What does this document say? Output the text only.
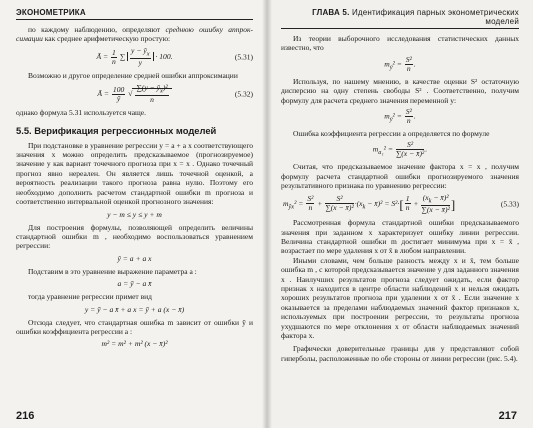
ЭКОНОМЕТРИКА

по каждому наблюдению, определяют среднюю ошибку аппрок- симации как среднее арифметическую простую:

Ā = $\frac{1}{n}$ ∑ $\frac{y - ŷ_x}{y} \cdot 100$.	(5.31)

Возможно и другое определение средней ошибки аппроксимации

Ā = $\frac{100}{ȳ}$ √ $\frac{\sum(y - ŷ_x)^2}{n}$	(5.32)

однако формула 5.31 используется чаще.

5.5. Верификация регрессионных моделей

При подстановке в уравнение регрессии y = a + a x соответствующего значения x можно определить предсказываемое (прогнозируемое) значение y как вариант точечного прогноза при x = x . Однако точечный прогноз явно нереален. Он является лишь точечной оценкой, а вероятность реализации такого прогноза равна нулю. Поэтому его необходимо дополнить расчетом стандартной ошибки m прогноза и соответственно интервальной оценкой прогнозного значения:

y − m ≤ y ≤ y + m

Для построения формулы, позволяющей определить величины стандартной ошибки m , необходимо воспользоваться уравнением регрессии:

ŷ = a + a x

Подставим в это уравнение выражение параметра a :

a = ȳ − a x̄

тогда уравнение регрессии примет вид

y = ȳ − a x̄ + a x = ȳ + a (x − x̄)

Отсюда следует, что стандартная ошибка m зависит от ошибки ȳ и ошибки коэффициента регрессии a :

m² = m² + m² (x − x̄)²
216
ГЛАВА 5. Идентификация парных эконометрических моделей

Из теории выборочного исследования статистических данных известно, что

$m_ȳ^2 = \frac{\text{S²}}{n}$ .

Используя, по нашему мнению, в качестве оценки S² остаточную дисперсию на одну степень свободы S² . Соответственно, получим формулу для расчета среднего значения переменной y:

$m_ȳ^2 = \frac{\text{S²}}{n}$ .

Ошибка коэффициента регрессии a определяется по формуле

$m_{a_1}^2 = \frac{\text{S²}}{\text{∑(x − x̄)²}}$ .

Считая, что предсказываемое значение фактора x = x , получим формулу расчета стандартной ошибки прогнозируемого значения результативного признака по уравнению регрессии:

$m_{ŷx}^2 = \frac{\text{S²}}{n} + \frac{\text{S²}}{\text{∑(x − x̄)²}} \cdot(x_k$ − x̄)² = $S^2\cdot[ \frac{1}{n} + \frac{(x_k - x̄)^2}{\text{∑(x − x̄)²}}$ ]	(5.33)

Рассмотренная формула стандартной ошибки предсказываемого значения при заданном x характеризует ошибку линии регрессии. Величина стандартной ошибки m достигает минимума при x = x̄ , возрастает по мере удаления x от x̄ в любом направлении.

Иными словами, чем больше разность между x и x̄, тем больше ошибка m , с которой предсказывается значение y для заданного значения x . Наилучших результатов прогноза следует ожидать, если фактор признак x находится в центре области наблюдений x и нельзя ожидать хороших результатов прогноза при удалении x от x̄ . Если значение x оказывается за пределами наблюдаемых значений фактор признаков x, используемых при построении регрессии, то результаты прогноза ухудшаются по мере отклонения x от области наблюдаемых значений фактора x.

Графически доверительные границы для y представляют собой гиперболы, расположенные по обе стороны от линии регрессии (рис. 5.4).

217
